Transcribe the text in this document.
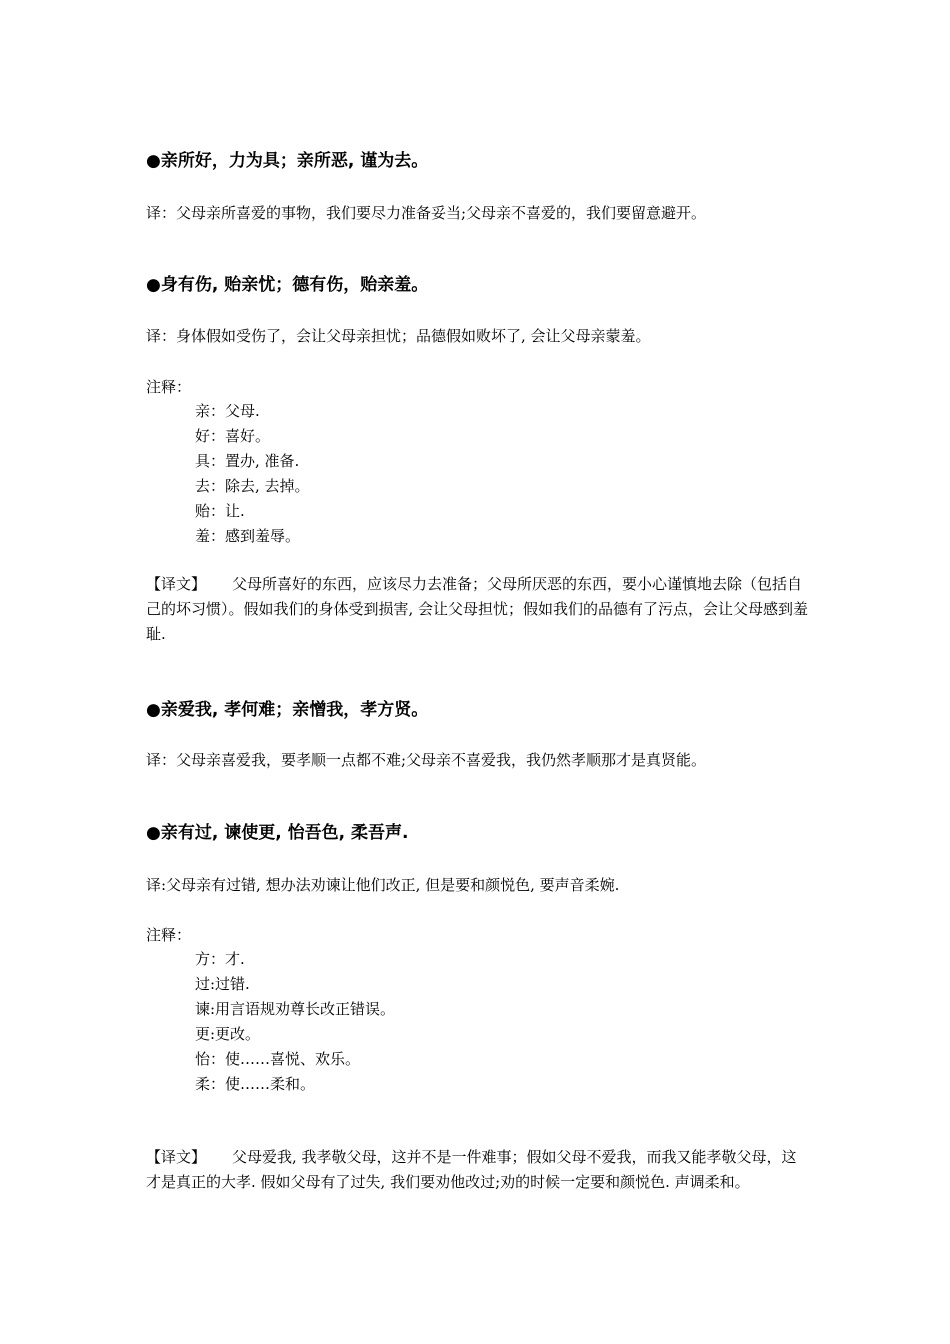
●亲所好，力为具；亲所恶, 谨为去。
译：父母亲所喜爱的事物，我们要尽力准备妥当;父母亲不喜爱的，我们要留意避开。
●身有伤, 贻亲忧；德有伤，贻亲羞。
译：身体假如受伤了，会让父母亲担忧；品德假如败坏了, 会让父母亲蒙羞。
注释：
亲：父母.
好：喜好。
具：置办, 准备.
去：除去, 去掉。
贻：让.
羞：感到羞辱。
【译文】 父母所喜好的东西，应该尽力去准备；父母所厌恶的东西，要小心谨慎地去除（包括自己的坏习惯）。假如我们的身体受到损害, 会让父母担忧；假如我们的品德有了污点，会让父母感到羞耻.
●亲爱我, 孝何难；亲憎我，孝方贤。
译：父母亲喜爱我，要孝顺一点都不难;父母亲不喜爱我，我仍然孝顺那才是真贤能。
●亲有过, 谏使更, 怡吾色, 柔吾声.
译:父母亲有过错, 想办法劝谏让他们改正, 但是要和颜悦色, 要声音柔婉.
注释：
方：才.
过:过错.
谏:用言语规劝尊长改正错误。
更:更改。
怡：使……喜悦、欢乐。
柔：使……柔和。
【译文】 父母爱我, 我孝敬父母，这并不是一件难事；假如父母不爱我，而我又能孝敬父母，这才是真正的大孝. 假如父母有了过失, 我们要劝他改过;劝的时候一定要和颜悦色. 声调柔和。
